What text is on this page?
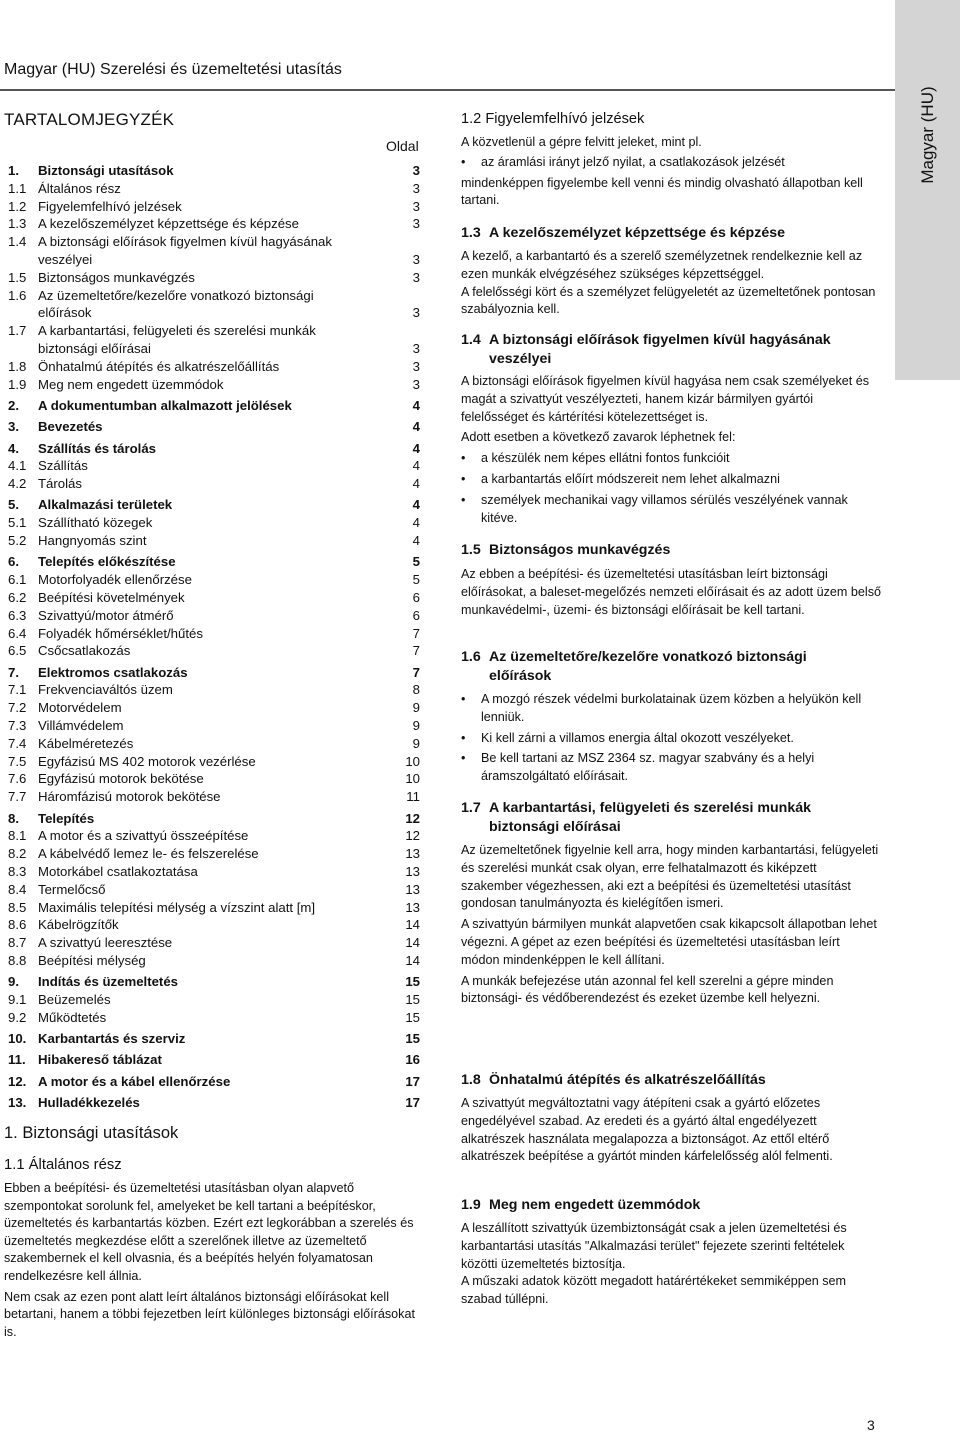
Magyar (HU)
Magyar (HU) Szerelési és üzemeltetési utasítás
TARTALOMJEGYZÉK
Oldal
1. Biztonsági utasítások	3
1.1 Általános rész	3
1.2 Figyelemfelhívó jelzések	3
1.3 A kezelőszemélyzet képzettsége és képzése	3
1.4 A biztonsági előírások figyelmen kívül hagyásának
veszélyei	3
1.5 Biztonságos munkavégzés	3
1.6 Az üzemeltetőre/kezelőre vonatkozó biztonsági
előírások	3
1.7 A karbantartási, felügyeleti és szerelési munkák
biztonsági előírásai	3
1.8 Önhatalmú átépítés és alkatrészelőállítás	3
1.9 Meg nem engedett üzemmódok	3
2. A dokumentumban alkalmazott jelölések	4
3. Bevezetés	4
4. Szállítás és tárolás	4
4.1 Szállítás	4
4.2 Tárolás	4
5. Alkalmazási területek	4
5.1 Szállítható közegek	4
5.2 Hangnyomás szint	4
6. Telepítés előkészítése	5
6.1 Motorfolyadék ellenőrzése	5
6.2 Beépítési követelmények	6
6.3 Szivattyú/motor átmérő	6
6.4 Folyadék hőmérséklet/hűtés	7
6.5 Csőcsatlakozás	7
7. Elektromos csatlakozás	7
7.1 Frekvenciaváltós üzem	8
7.2 Motorvédelem	9
7.3 Villámvédelem	9
7.4 Kábelméretezés	9
7.5 Egyfázisú MS 402 motorok vezérlése	10
7.6 Egyfázisú motorok bekötése	10
7.7 Háromfázisú motorok bekötése	11
8. Telepítés	12
8.1 A motor és a szivattyú összeépítése	12
8.2 A kábelvédő lemez le- és felszerelése	13
8.3 Motorkábel csatlakoztatása	13
8.4 Termelőcső	13
8.5 Maximális telepítési mélység a vízszint alatt [m]	13
8.6 Kábelrögzítők	14
8.7 A szivattyú leeresztése	14
8.8 Beépítési mélység	14
9. Indítás és üzemeltetés	15
9.1 Beüzemelés	15
9.2 Működtetés	15
10. Karbantartás és szerviz	15
11. Hibakereső táblázat	16
12. A motor és a kábel ellenőrzése	17
13. Hulladékkezelés	17
1. Biztonsági utasítások
1.1 Általános rész

Ebben a beépítési- és üzemeltetési utasításban olyan alapvető szempontokat sorolunk fel, amelyeket be kell tartani a beépítéskor, üzemeltetés és karbantartás közben. Ezért ezt legkorábban a szerelés és üzemeltetés megkezdése előtt a szerelőnek illetve az üzemeltető szakembernek el kell olvasnia, és a beépítés helyén folyamatosan rendelkezésre kell állnia.

Nem csak az ezen pont alatt leírt általános biztonsági előírásokat kell betartani, hanem a többi fejezetben leírt különleges biztonsági előírásokat is.

1.2 Figyelemfelhívó jelzések

A közvetlenül a gépre felvitt jeleket, mint pl.

• az áramlási irányt jelző nyilat, a csatlakozások jelzését

mindenképpen figyelembe kell venni és mindig olvasható állapotban kell tartani.

1.3 A kezelőszemélyzet képzettsége és képzése

A kezelő, a karbantartó és a szerelő személyzetnek rendelkeznie kell az ezen munkák elvégzéséhez szükséges képzettséggel.

A felelősségi kört és a személyzet felügyeletét az üzemeltetőnek pontosan szabályoznia kell.

1.4 A biztonsági előírások figyelmen kívül hagyásának
veszélyei

A biztonsági előírások figyelmen kívül hagyása nem csak személyeket és magát a szivattyút veszélyezteti, hanem kizár bármilyen gyártói felelősséget és kártérítési kötelezettséget is.

Adott esetben a következő zavarok léphetnek fel:

• a készülék nem képes ellátni fontos funkcióit
• a karbantartás előírt módszereit nem lehet alkalmazni
• személyek mechanikai vagy villamos sérülés veszélyének vannak kitéve.
1.5 Biztonságos munkavégzés

Az ebben a beépítési- és üzemeltetési utasításban leírt biztonsági előírásokat, a baleset-megelőzés nemzeti előírásait és az adott üzem belső munkavédelmi-, üzemi- és biztonsági előírásait be kell tartani.

1.6 Az üzemeltetőre/kezelőre vonatkozó biztonsági
előírások
• A mozgó részek védelmi burkolatainak üzem közben a helyükön kell lenniük.
• Ki kell zárni a villamos energia által okozott veszélyeket.
• Be kell tartani az MSZ 2364 sz. magyar szabvány és a helyi áramszolgáltató előírásait.
1.7 A karbantartási, felügyeleti és szerelési munkák
biztonsági előírásai

Az üzemeltetőnek figyelnie kell arra, hogy minden karbantartási, felügyeleti és szerelési munkát csak olyan, erre felhatalmazott és kiképzett szakember végezhessen, aki ezt a beépítési és üzemeltetési utasítást gondosan tanulmányozta és kielégítően ismeri.

A szivattyún bármilyen munkát alapvetően csak kikapcsolt állapotban lehet végezni. A gépet az ezen beépítési és üzemeltetési utasításban leírt módon mindenképpen le kell állítani.

A munkák befejezése után azonnal fel kell szerelni a gépre minden biztonsági- és védőberendezést és ezeket üzembe kell helyezni.

1.8 Önhatalmú átépítés és alkatrészelőállítás

A szivattyút megváltoztatni vagy átépíteni csak a gyártó előzetes engedélyével szabad. Az eredeti és a gyártó által engedélyezett alkatrészek használata megalapozza a biztonságot. Az ettől eltérő alkatrészek beépítése a gyártót minden kárfelelősség alól felmenti.

1.9 Meg nem engedett üzemmódok

A leszállított szivattyúk üzembiztonságát csak a jelen üzemeltetési és karbantartási utasítás "Alkalmazási terület" fejezete szerinti feltételek közötti üzemeltetés biztosítja.

A műszaki adatok között megadott határértékeket semmiképpen sem szabad túllépni.

3
